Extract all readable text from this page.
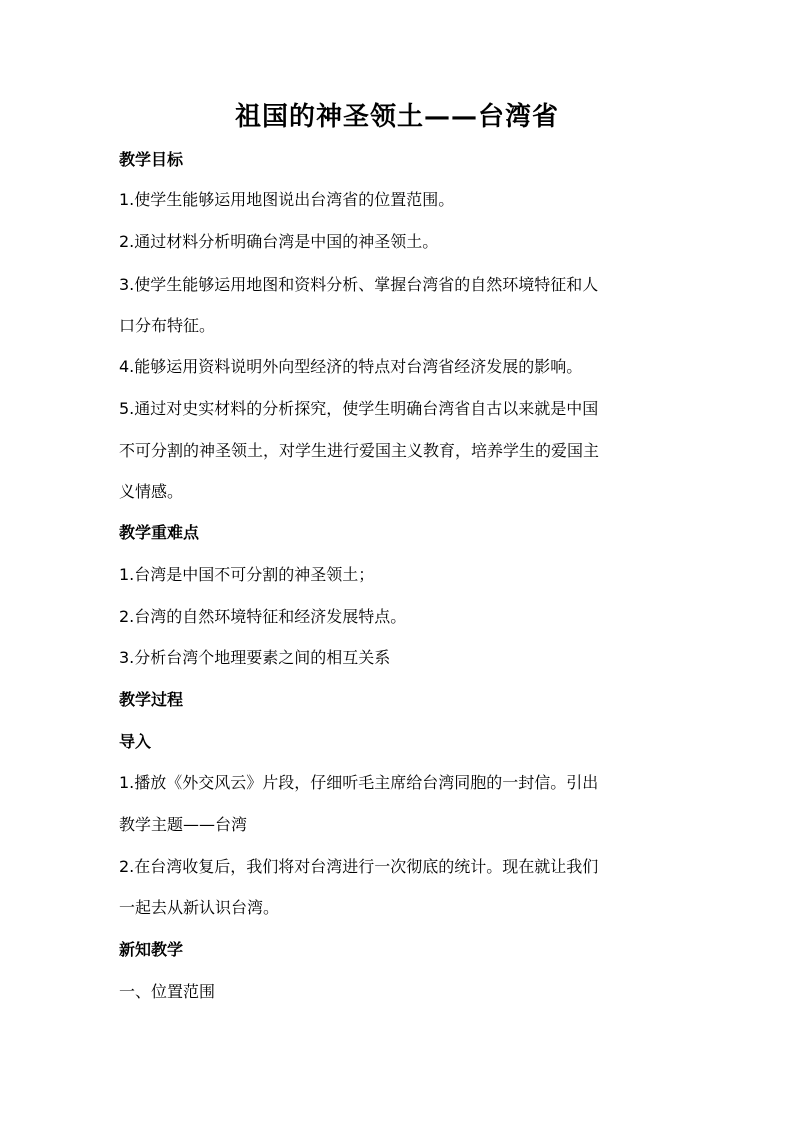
祖国的神圣领土——台湾省
教学目标
1.使学生能够运用地图说出台湾省的位置范围。
2.通过材料分析明确台湾是中国的神圣领土。
3.使学生能够运用地图和资料分析、掌握台湾省的自然环境特征和人
口分布特征。
4.能够运用资料说明外向型经济的特点对台湾省经济发展的影响。
5.通过对史实材料的分析探究，使学生明确台湾省自古以来就是中国
不可分割的神圣领土，对学生进行爱国主义教育，培养学生的爱国主
义情感。
教学重难点
1.台湾是中国不可分割的神圣领土；
2.台湾的自然环境特征和经济发展特点。
3.分析台湾个地理要素之间的相互关系
教学过程
导入
1.播放《外交风云》片段，仔细听毛主席给台湾同胞的一封信。引出
教学主题——台湾
2.在台湾收复后，我们将对台湾进行一次彻底的统计。现在就让我们
一起去从新认识台湾。
新知教学
一、位置范围
